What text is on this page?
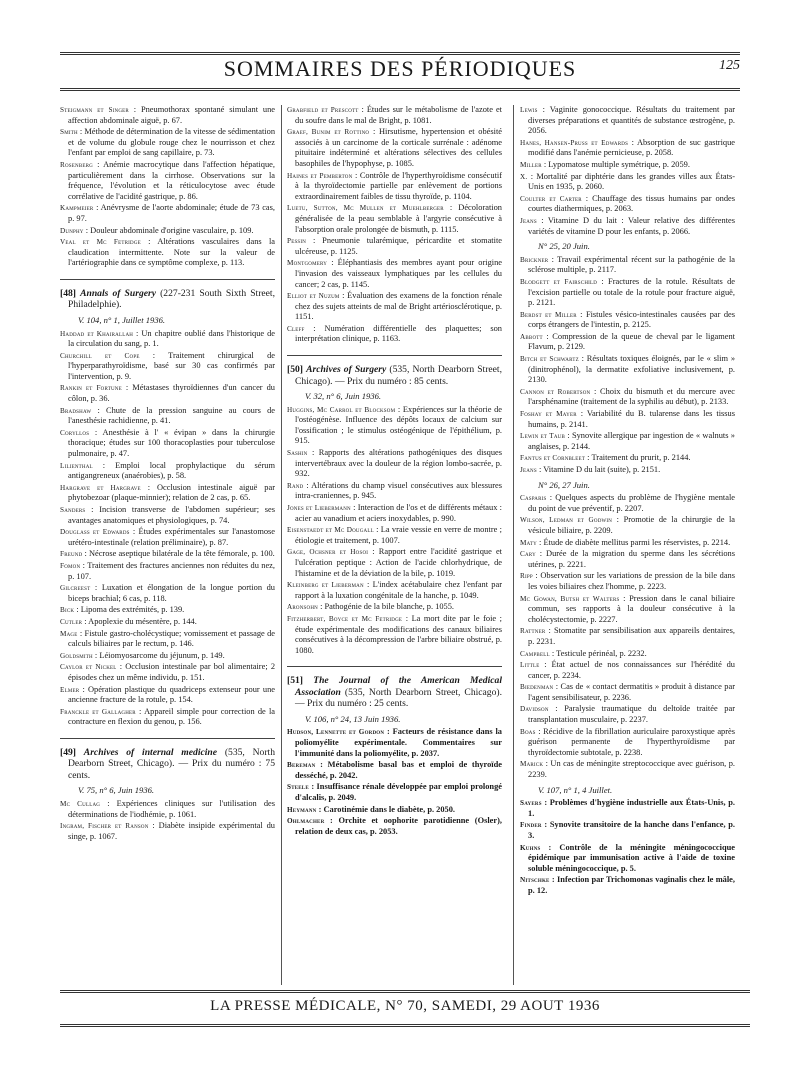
SOMMAIRES DES PÉRIODIQUES	125
Steigmann et Singer : Pneumothorax spontané simulant une affection abdominale aiguë, p. 67.
Smith : Méthode de détermination de la vitesse de sédimentation et de volume du globule rouge chez le nourrisson et chez l'enfant par emploi de sang capillaire, p. 73.
Rosenberg : Anémie macrocytique dans l'affection hépatique, particulièrement dans la cirrhose. Observations sur la fréquence, l'évolution et la réticulocytose avec étude corrélative de l'acidité gastrique, p. 86.
Kampmeier : Anévrysme de l'aorte abdominale; étude de 73 cas, p. 97.
Dunphy : Douleur abdominale d'origine vasculaire, p. 109.
Veal et Mc Fetridge : Altérations vasculaires dans la claudication intermittente. Note sur la valeur de l'artériographie dans ce symptôme complexe, p. 113.
[48] Annals of Surgery (227-231 South Sixth Street, Philadelphie).
V. 104, n° 1, Juillet 1936.
Haddad et Khairallah : Un chapitre oublié dans l'historique de la circulation du sang, p. 1.
Churchill et Cope : Traitement chirurgical de l'hyperparathyroïdisme, basé sur 30 cas confirmés par l'intervention, p. 9.
Rankin et Fortune : Métastases thyroïdiennes d'un cancer du côlon, p. 36.
Bradshaw : Chute de la pression sanguine au cours de l'anesthésie rachidienne, p. 41.
Coryllos : Anesthésie à l' « évipan » dans la chirurgie thoracique; études sur 100 thoracoplasties pour tuberculose pulmonaire, p. 47.
Lilienthal : Emploi local prophylactique du sérum antigangreneux (anaérobies), p. 58.
Hargrave et Hargrave : Occlusion intestinale aiguë par phytobezoar (plaque-minnier); relation de 2 cas, p. 65.
Sanders : Incision transverse de l'abdomen supérieur; ses avantages anatomiques et physiologiques, p. 74.
Douglass et Edwards : Études expérimentales sur l'anastomose urétéro-intestinale (relation préliminaire), p. 87.
Freund : Nécrose aseptique bilatérale de la tête fémorale, p. 100.
Fomon : Traitement des fractures anciennes non réduites du nez, p. 107.
Gilcreest : Luxation et élongation de la longue portion du biceps brachial; 6 cas, p. 118.
Bick : Lipoma des extrémités, p. 139.
Cutler : Apoplexie du mésentère, p. 144.
Mage : Fistule gastro-cholécystique; vomissement et passage de calculs biliaires par le rectum, p. 146.
Goldsmith : Léiomyosarcome du jéjunum, p. 149.
Caylor et Nickel : Occlusion intestinale par bol alimentaire; 2 épisodes chez un même individu, p. 151.
Elmer : Opération plastique du quadriceps extenseur pour une ancienne fracture de la rotule, p. 154.
Franckle et Gallagher : Appareil simple pour correction de la contracture en flexion du genou, p. 156.
[49] Archives of internal medicine (535, North Dearborn Street, Chicago). — Prix du numéro : 75 cents.
V. 75, n° 6, Juin 1936.
Mc Cullag : Expériences cliniques sur l'utilisation des déterminations de l'iodhémie, p. 1061.
Ingram, Fischer et Ranson : Diabète insipide expérimental du singe, p. 1067.
Grabfield et Prescott : Études sur le métabolisme de l'azote et du soufre dans le mal de Bright, p. 1081.
Graef, Bunim et Rottino : Hirsutisme, hypertension et obésité associés à un carcinome de la corticale surrénale : adénome pituitaire indéterminé et altérations sélectives des cellules basophiles de l'hypophyse, p. 1085.
Haines et Pemberton : Contrôle de l'hyperthyroïdisme consécutif à la thyroïdectomie partielle par enlèvement de portions extraordinairement faibles de tissu thyroïde, p. 1104.
Luetu, Sutton, Mc Mullen et Muehlberger : Décoloration généralisée de la peau semblable à l'argyrie consécutive à l'absorption orale prolongée de bismuth, p. 1115.
Pessin : Pneumonie tularémique, péricardite et stomatite ulcéreuse, p. 1125.
Montgomery : Éléphantiasis des membres ayant pour origine l'invasion des vaisseaux lymphatiques par les cellules du cancer; 2 cas, p. 1145.
Elliot et Nuzum : Évaluation des examens de la fonction rénale chez des sujets atteints de mal de Bright artériosclérotique, p. 1151.
Cleff : Numération différentielle des plaquettes; son interprétation clinique, p. 1163.
[50] Archives of Surgery (535, North Dearborn Street, Chicago). — Prix du numéro : 85 cents.
V. 32, n° 6, Juin 1936.
Huggins, Mc Carrol et Blocksom : Expériences sur la théorie de l'ostéogénèse. Influence des dépôts locaux de calcium sur l'ossification ; le stimulus ostéogénique de l'épithélium, p. 915.
Sashin : Rapports des altérations pathogéniques des disques intervertébraux avec la douleur de la région lombo-sacrée, p. 932.
Rand : Altérations du champ visuel consécutives aux blessures intra-craniennes, p. 945.
Jones et Liebermann : Interaction de l'os et de différents métaux : acier au vanadium et aciers inoxydables, p. 990.
Eisenstaedt et Mc Dougall : La vraie vessie en verre de montre ; étiologie et traitement, p. 1007.
Gage, Ochsner et Hosoi : Rapport entre l'acidité gastrique et l'ulcération peptique : Action de l'acide chlorhydrique, de l'histamine et de la déviation de la bile, p. 1019.
Kleinberg et Lieberman : L'index acétabulaire chez l'enfant par rapport à la luxation congénitale de la hanche, p. 1049.
Aronsohn : Pathogénie de la bile blanche, p. 1055.
Fitzherbert, Boyce et Mc Fetridge : La mort dite par le foie ; étude expérimentale des modifications des canaux biliaires consécutives à la décompression de l'arbre biliaire obstrué, p. 1080.
[51] The Journal of the American Medical Association (535, North Dearborn Street, Chicago). — Prix du numéro : 25 cents.
V. 106, n° 24, 13 Juin 1936.
Hudson, Lennette et Gordon : Facteurs de résistance dans la poliomyélite expérimentale. Commentaires sur l'immunité dans la poliomyélite, p. 2037.
Bereman : Métabolisme basal bas et emploi de thyroïde desséché, p. 2042.
Steele : Insuffisance rénale développée par emploi prolongé d'alcalis, p. 2049.
Heymann : Carotinémie dans le diabète, p. 2050.
Ohlmacher : Orchite et oophorite parotidienne (Osler), relation de deux cas, p. 2053.
Lewis : Vaginite gonococcique. Résultats du traitement par diverses préparations et quantités de substance œstrogène, p. 2056.
Hanes, Hansen-Pruss et Edwards : Absorption de suc gastrique modifié dans l'anémie pernicieuse, p. 2058.
Miller : Lypomatose multiple symétrique, p. 2059.
X. : Mortalité par diphtérie dans les grandes villes aux États-Unis en 1935, p. 2060.
Coulter et Carter : Chauffage des tissus humains par ondes courtes diathermiques, p. 2063.
Jeans : Vitamine D du lait : Valeur relative des différentes variétés de vitamine D pour les enfants, p. 2066.
N° 25, 20 Juin.
Brickner : Travail expérimental récent sur la pathogénie de la sclérose multiple, p. 2117.
Blodgett et Fairschild : Fractures de la rotule. Résultats de l'excision partielle ou totale de la rotule pour fracture aiguë, p. 2121.
Berdst et Miller : Fistules vésico-intestinales causées par des corps étrangers de l'intestin, p. 2125.
Abbott : Compression de la queue de cheval par le ligament Flavum, p. 2129.
Bitch et Schwartz : Résultats toxiques éloignés, par le « slim » (dinitrophénol), la dermatite exfoliative inclusivement, p. 2130.
Cannon et Robertson : Choix du bismuth et du mercure avec l'arsphénamine (traitement de la syphilis au début), p. 2133.
Foshay et Mayer : Variabilité du B. tularense dans les tissus humains, p. 2141.
Lewin et Taub : Synovite allergique par ingestion de « walnuts » anglaises, p. 2144.
Fantus et Cornbleet : Traitement du prurit, p. 2144.
Jeans : Vitamine D du lait (suite), p. 2151.
N° 26, 27 Juin.
Casparis : Quelques aspects du problème de l'hygiène mentale du point de vue préventif, p. 2207.
Wilson, Ledman et Godwin : Promotie de la chirurgie de la vésicule biliaire, p. 2209.
Maty : Étude de diabète mellitus parmi les réservistes, p. 2214.
Cary : Durée de la migration du sperme dans les sécrétions utérines, p. 2221.
Ripp : Observation sur les variations de pression de la bile dans les voies biliaires chez l'homme, p. 2223.
Mc Gowan, Butsh et Walters : Pression dans le canal biliaire commun, ses rapports à la douleur consécutive à la cholécystectomie, p. 2227.
Rattner : Stomatite par sensibilisation aux appareils dentaires, p. 2231.
Campbell : Testicule périnéal, p. 2232.
Little : État actuel de nos connaissances sur l'hérédité du cancer, p. 2234.
Biedenman : Cas de « contact dermatitis » produit à distance par l'agent sensibilisateur, p. 2236.
Davidson : Paralysie traumatique du deltoïde traitée par transplantation musculaire, p. 2237.
Boas : Récidive de la fibrillation auriculaire paroxystique après guérison permanente de l'hyperthyroïdisme par thyroïdectomie subtotale, p. 2238.
Marick : Un cas de méningite streptococcique avec guérison, p. 2239.
V. 107, n° 1, 4 Juillet.
Sayers : Problèmes d'hygiène industrielle aux États-Unis, p. 1.
Finder : Synovite transitoire de la hanche dans l'enfance, p. 3.
Kuhns : Contrôle de la méningite méningococcique épidémique par immunisation active à l'aide de toxine soluble méningococcique, p. 5.
Nitschke : Infection par Trichomonas vaginalis chez le mâle, p. 12.
LA PRESSE MÉDICALE, N° 70, SAMEDI, 29 AOUT 1936
